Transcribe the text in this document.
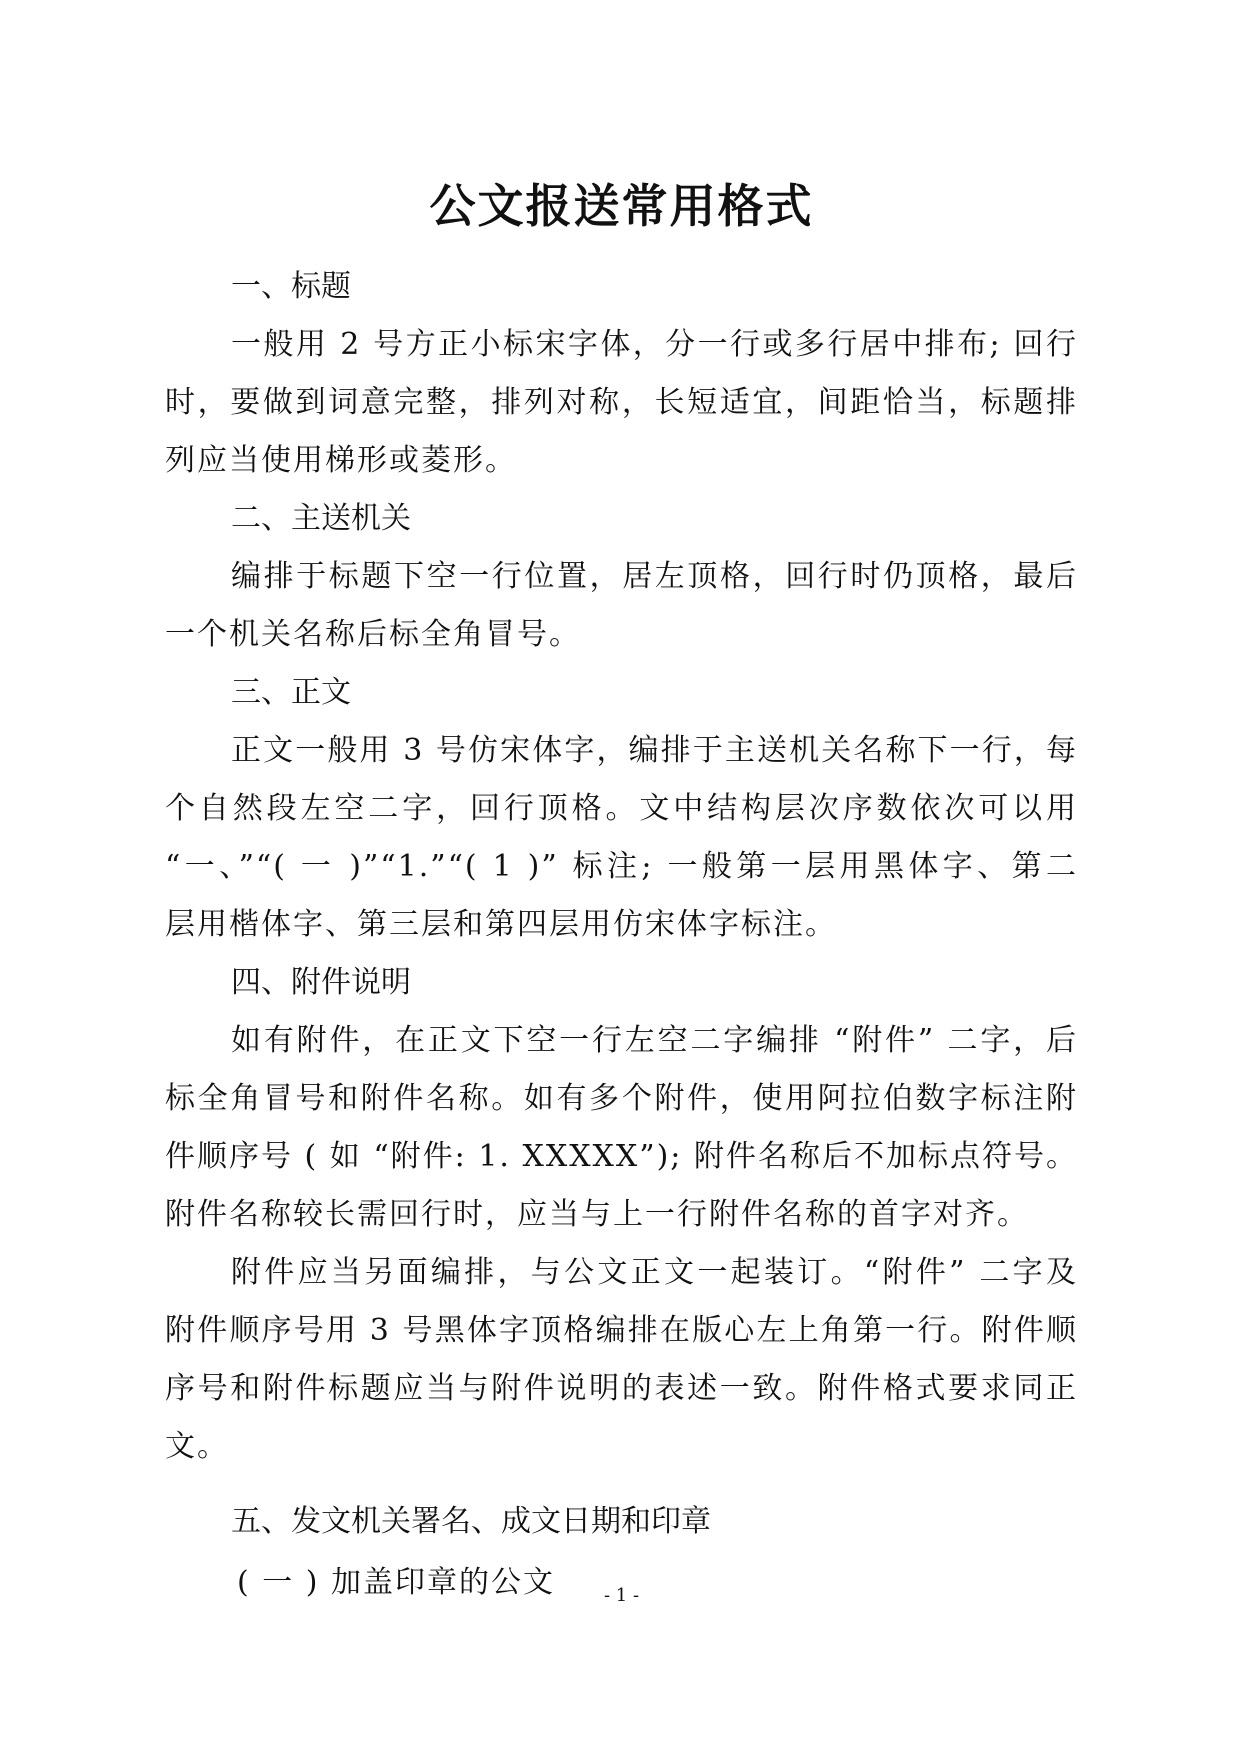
公文报送常用格式
一、标题

一般用 2 号方正小标宋字体，分一行或多行居中排布; 回行
时，要做到词意完整，排列对称，长短适宜，间距恰当，标题排
列应当使用梯形或菱形。

二、主送机关

编排于标题下空一行位置，居左顶格，回行时仍顶格，最后
一个机关名称后标全角冒号。

三、正文

正文一般用 3 号仿宋体字，编排于主送机关名称下一行，每
个自然段左空二字，回行顶格。文中结构层次序数依次可以用
“一、”“( 一 )”“1.”“( 1 )” 标注; 一般第一层用黑体字、第二
层用楷体字、第三层和第四层用仿宋体字标注。

四、附件说明

如有附件，在正文下空一行左空二字编排 “附件” 二字，后
标全角冒号和附件名称。如有多个附件，使用阿拉伯数字标注附
件顺序号 ( 如 “附件: 1. XXXXX”); 附件名称后不加标点符号。
附件名称较长需回行时，应当与上一行附件名称的首字对齐。

附件应当另面编排，与公文正文一起装订。“附件” 二字及
附件顺序号用 3 号黑体字顶格编排在版心左上角第一行。附件顺
序号和附件标题应当与附件说明的表述一致。附件格式要求同正
文。

五、发文机关署名、成文日期和印章

( 一 ) 加盖印章的公文	- 1 -
